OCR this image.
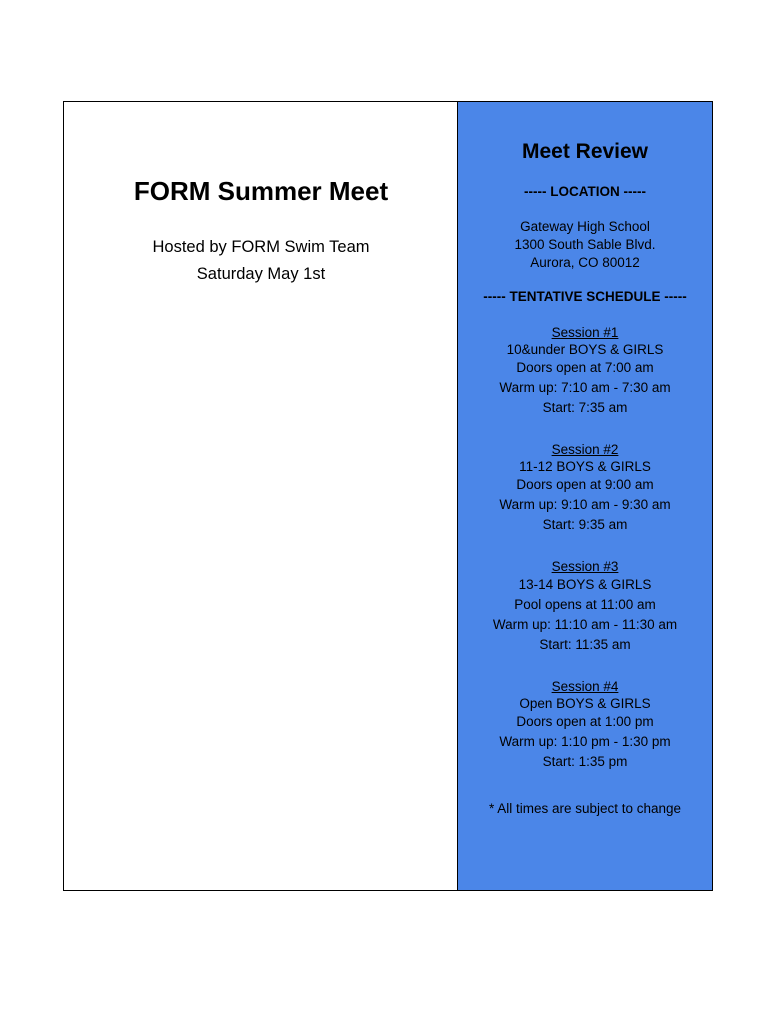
FORM Summer Meet

Hosted by FORM Swim Team

Saturday May 1st

Meet Review

----- LOCATION -----

Gateway High School

1300 South Sable Blvd.

Aurora, CO 80012

----- TENTATIVE SCHEDULE -----

Session #1

10&under BOYS & GIRLS

Doors open at 7:00 am

Warm up: 7:10 am - 7:30 am

Start: 7:35 am

Session #2

11-12 BOYS & GIRLS

Doors open at 9:00 am

Warm up: 9:10 am - 9:30 am

Start: 9:35 am

Session #3

13-14 BOYS & GIRLS

Pool opens at 11:00 am

Warm up: 11:10 am - 11:30 am

Start: 11:35 am

Session #4

Open BOYS & GIRLS

Doors open at 1:00 pm

Warm up: 1:10 pm - 1:30 pm

Start: 1:35 pm

* All times are subject to change
